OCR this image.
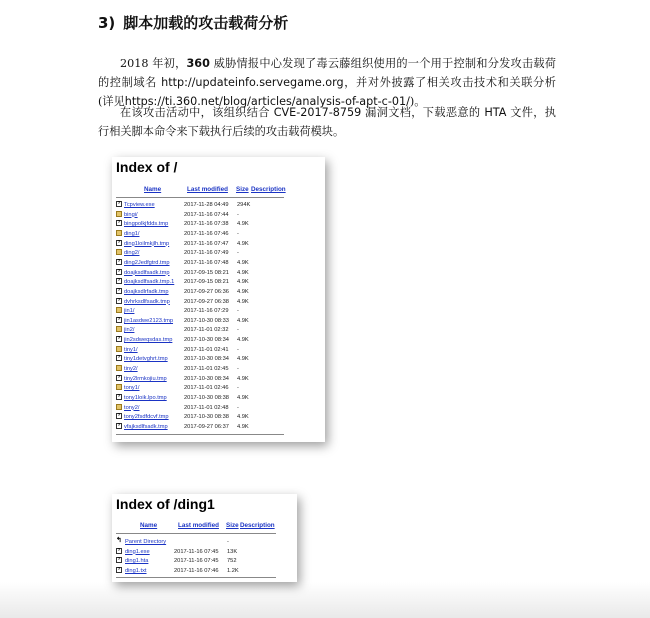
3) 脚本加载的攻击载荷分析
2018 年初，360 威胁情报中心发现了毒云藤组织使用的一个用于控制和分发攻击载荷的控制域名 http://updateinfo.servegame.org，并对外披露了相关攻击技术和关联分析(详见https://ti.360.net/blog/articles/analysis-of-apt-c-01/)。
在该攻击活动中，该组织结合 CVE-2017-8759 漏洞文档，下载恶意的 HTA 文件，执行相关脚本命令来下载执行后续的攻击载荷模块。
Index of /
Name	Last modified Size Description
? Tcpview.exe	2017-11-28 04:49 294K
bingi/	2017-11-16 07:44 -
? bingpolkjfdds.tmp	2017-11-16 07:38 4.9K
ding1/	2017-11-16 07:46 -
? ding1loilmkjlh.tmp	2017-11-16 07:47 4.9K
ding2/	2017-11-16 07:49 -
? ding2Jedfgtrd.tmp	2017-11-16 07:48 4.9K
? doajksdlfsadk.tmp	2017-09-15 08:21 4.9K
? doajksdlfsadk.tmp.1 2017-09-15 08:21 4.9K
? doajksdlrfadk.tmp	2017-09-27 06:36 4.9K
? dvhrksdlfsadk.tmp 2017-09-27 06:38 4.9K
jin1/	2017-11-16 07:29 -
? jin1asdwe2123.tmp 2017-10-30 08:33 4.9K
jin2/	2017-11-01 02:32 -
? jin2sdweqsdas.tmp 2017-10-30 08:34 4.9K
tiny1/	2017-11-01 02:41 -
? tiny1detvghrt.tmp	2017-10-30 08:34 4.9K
tiny2/	2017-11-01 02:45 -
? tiny2lrmkojiu.tmp	2017-10-30 08:34 4.9K
tony1/	2017-11-01 02:46 -
? tony1loik.lpo.tmp	2017-10-30 08:38 4.9K
tony2/	2017-11-01 02:48 -
? tony2fsdfdcvf.tmp	2017-10-30 08:38 4.9K
? vfajksdlfsadk.tmp	2017-09-27 06:37 4.9K
Index of /ding1
Name	Last modified Size Description
↰ Parent Directory	-
? ding1.exe	2017-11-16 07:45 13K
? ding1.hta	2017-11-16 07:45 752
? ding1.txt	2017-11-16 07:46 1.2K
